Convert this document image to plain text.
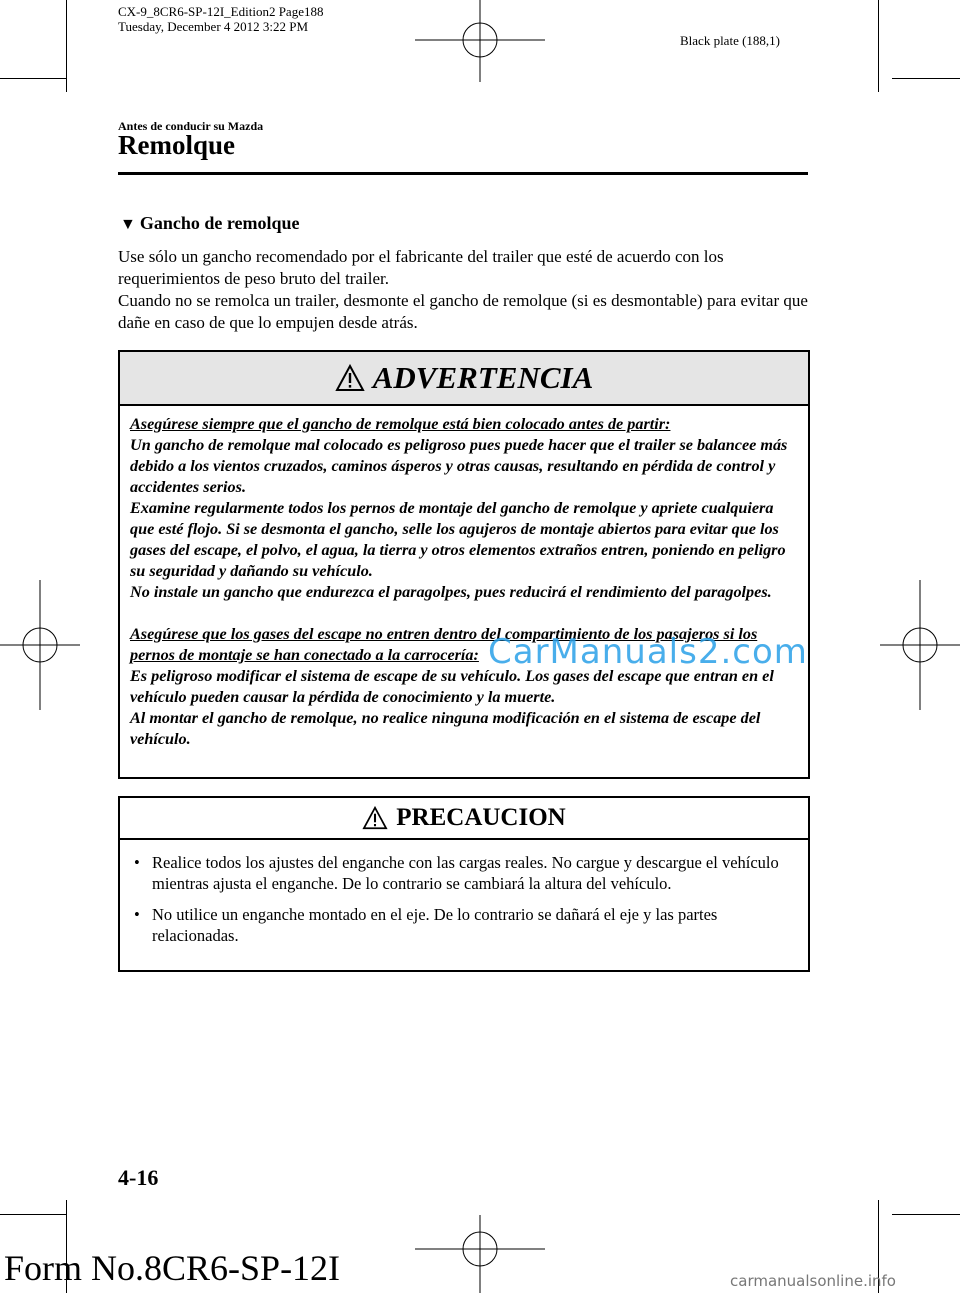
CX-9_8CR6-SP-12I_Edition2 Page188
Tuesday, December 4 2012 3:22 PM
Black plate (188,1)
Antes de conducir su Mazda
Remolque
▼ Gancho de remolque

Use sólo un gancho recomendado por el fabricante del trailer que esté de acuerdo con los requerimientos de peso bruto del trailer.

Cuando no se remolca un trailer, desmonte el gancho de remolque (si es desmontable) para evitar que dañe en caso de que lo empujen desde atrás.

ADVERTENCIA

Asegúrese siempre que el gancho de remolque está bien colocado antes de partir:

Un gancho de remolque mal colocado es peligroso pues puede hacer que el trailer se balancee más debido a los vientos cruzados, caminos ásperos y otras causas, resultando en pérdida de control y accidentes serios.

Examine regularmente todos los pernos de montaje del gancho de remolque y apriete cualquiera que esté flojo. Si se desmonta el gancho, selle los agujeros de montaje abiertos para evitar que los gases del escape, el polvo, el agua, la tierra y otros elementos extraños entren, poniendo en peligro su seguridad y dañando su vehículo.

No instale un gancho que endurezca el paragolpes, pues reducirá el rendimiento del paragolpes.

Asegúrese que los gases del escape no entren dentro del compartimiento de los pasajeros si los pernos de montaje se han conectado a la carrocería:

Es peligroso modificar el sistema de escape de su vehículo. Los gases del escape que entran en el vehículo pueden causar la pérdida de conocimiento y la muerte.

Al montar el gancho de remolque, no realice ninguna modificación en el sistema de escape del vehículo.

CarManuals2.com
PRECAUCION
• Realice todos los ajustes del enganche con las cargas reales. No cargue y descargue el vehículo mientras ajusta el enganche. De lo contrario se cambiará la altura del vehículo.
• No utilice un enganche montado en el eje. De lo contrario se dañará el eje y las partes relacionadas.
4-16
Form No.8CR6-SP-12I	carmanualsonline.info
